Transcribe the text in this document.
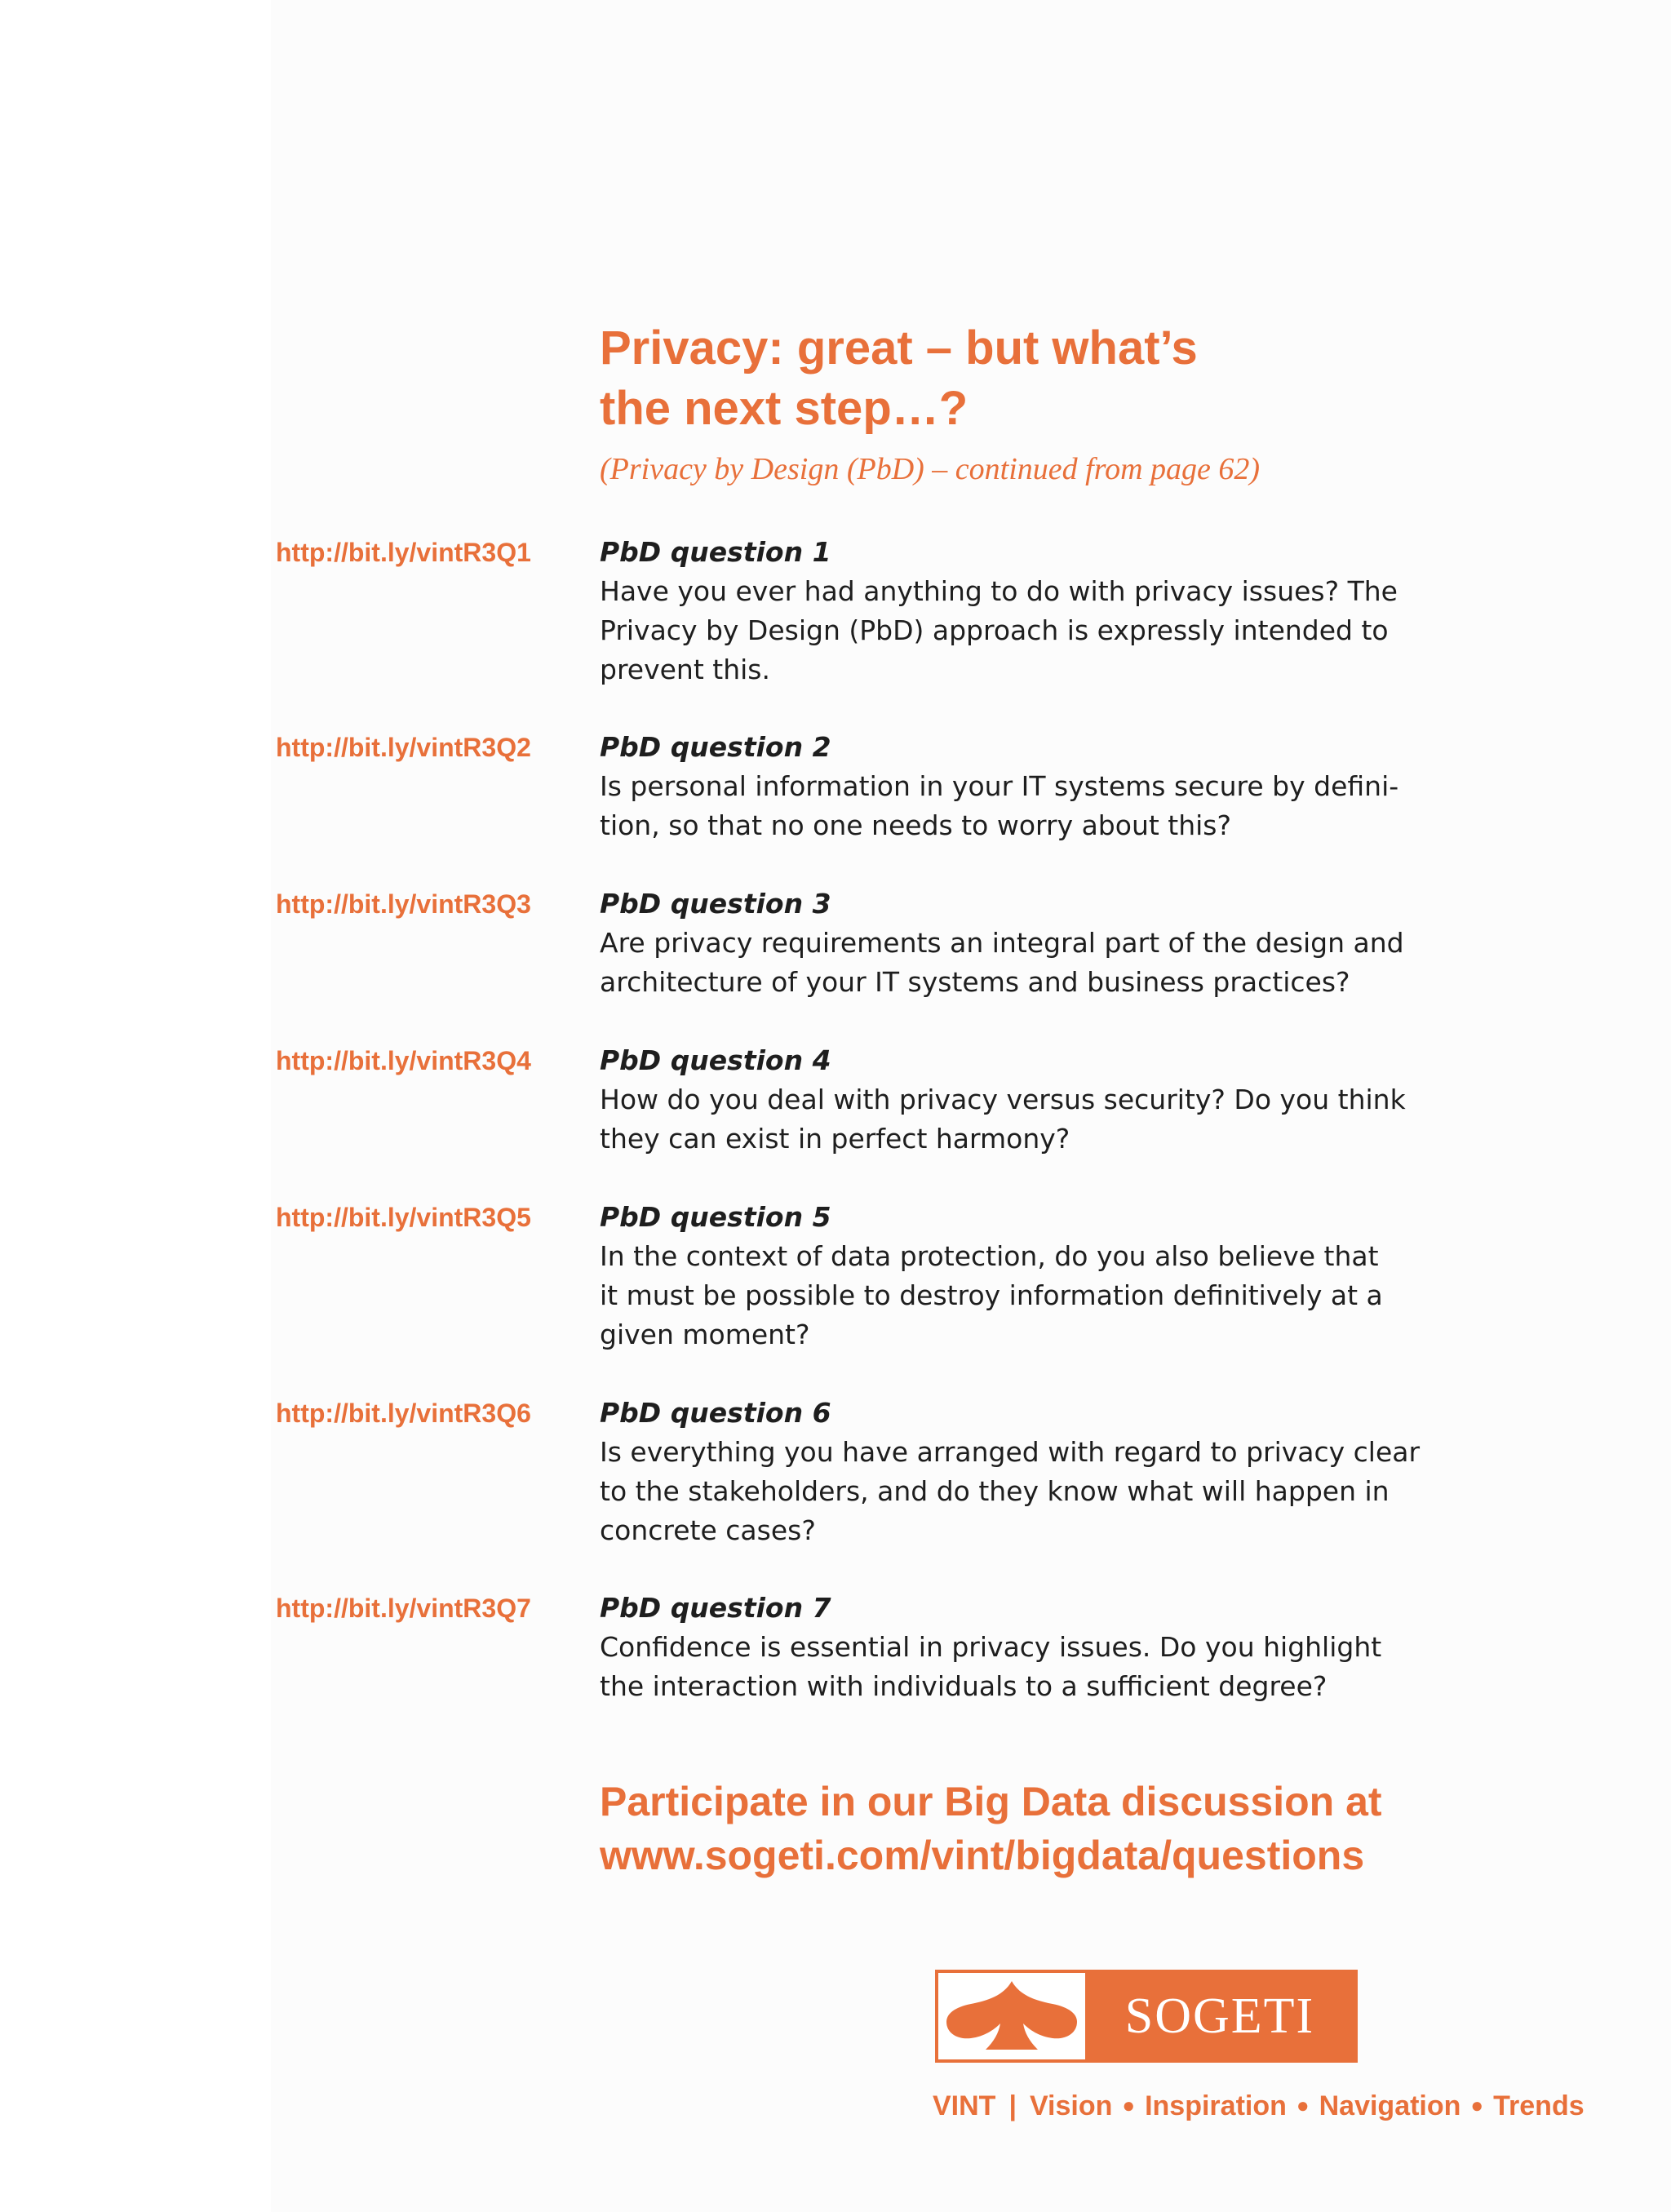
Privacy: great – but what’s
the next step…?
(Privacy by Design (PbD) – continued from page 62)
http://bit.ly/vintR3Q1	PbD question 1
Have you ever had anything to do with privacy issues? The
Privacy by Design (PbD) approach is expressly intended to
prevent this.
http://bit.ly/vintR3Q2	PbD question 2
Is personal information in your IT systems secure by defini-
tion, so that no one needs to worry about this?
http://bit.ly/vintR3Q3	PbD question 3
Are privacy requirements an integral part of the design and
architecture of your IT systems and business practices?
http://bit.ly/vintR3Q4	PbD question 4
How do you deal with privacy versus security? Do you think
they can exist in perfect harmony?
http://bit.ly/vintR3Q5	PbD question 5
In the context of data protection, do you also believe that
it must be possible to destroy information definitively at a
given moment?
http://bit.ly/vintR3Q6	PbD question 6
Is everything you have arranged with regard to privacy clear
to the stakeholders, and do they know what will happen in
concrete cases?
http://bit.ly/vintR3Q7	PbD question 7
Confidence is essential in privacy issues. Do you highlight
the interaction with individuals to a sufficient degree?
Participate in our Big Data discussion at
www.sogeti.com/vint/bigdata/questions
SOGETI
VINT | Vision ● Inspiration ● Navigation ● Trends
